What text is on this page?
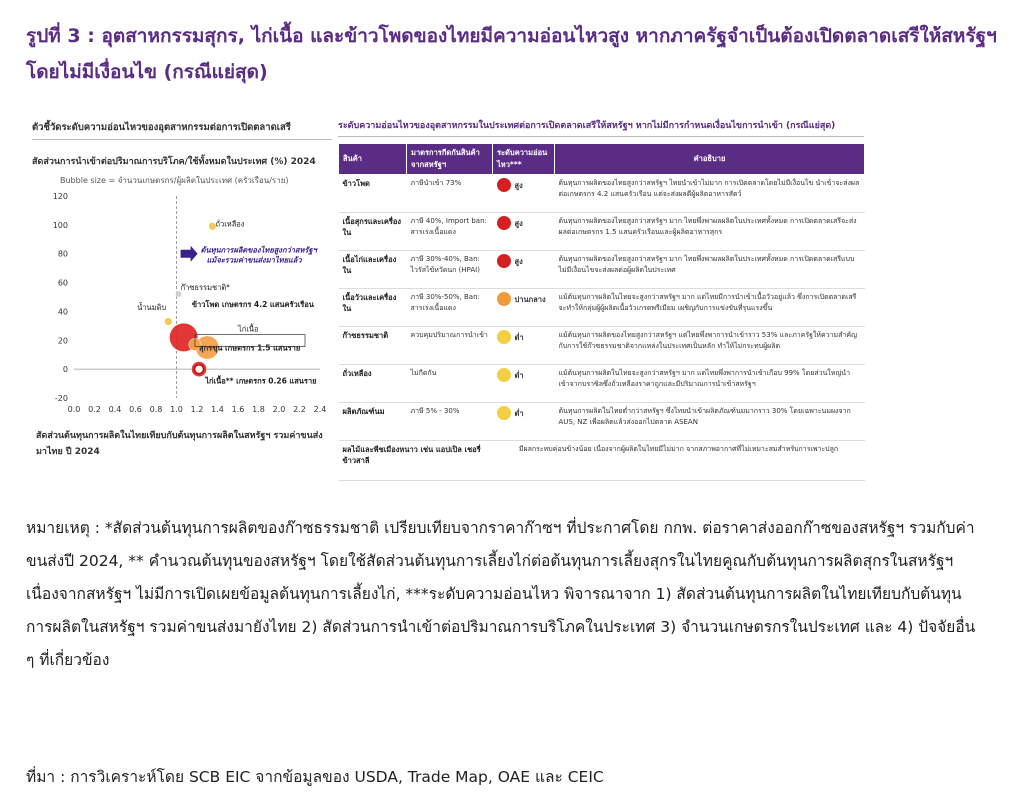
รูปที่ 3 : อุตสาหกรรมสุกร, ไก่เนื้อ และข้าวโพดของไทยมีความอ่อนไหวสูง หากภาครัฐจำเป็นต้องเปิดตลาดเสรีให้สหรัฐฯ โดยไม่มีเงื่อนไข (กรณีแย่สุด)
ตัวชี้วัดระดับความอ่อนไหวของอุตสาหกรรมต่อการเปิดตลาดเสรี
สัดส่วนการนำเข้าต่อปริมาณการบริโภค/ใช้ทั้งหมดในประเทศ (%) 2024
Bubble size = จำนวนเกษตรกร/ผู้ผลิตในประเทศ (ครัวเรือน/ราย)
-20
0
20
40
60
80
100
120
0.0 0.2 0.4 0.6 0.8 1.0 1.2 1.4 1.6 1.8 2.0 2.2 2.4
ต้นทุนการผลิตของไทยสูงกว่าสหรัฐฯ
แม้จะรวมค่าขนส่งมาไทยแล้ว
ถั่วเหลือง
ก๊าซธรรมชาติ*
น้ำนมดิบ	ข้าวโพด เกษตรกร 4.2 แสนครัวเรือน
ไก่เนื้อ
สุกรขุน เกษตรกร 1.5 แสนราย
ไก่เนื้อ** เกษตรกร 0.26 แสนราย
สัดส่วนต้นทุนการผลิตในไทยเทียบกับต้นทุนการผลิตในสหรัฐฯ รวมค่าขนส่งมาไทย ปี 2024
ระดับความอ่อนไหวของอุตสาหกรรมในประเทศต่อการเปิดตลาดเสรีให้สหรัฐฯ หากไม่มีการกำหนดเงื่อนไขการนำเข้า (กรณีแย่สุด)
สินค้า	มาตรการกีดกันสินค้าจากสหรัฐฯ	ระดับความอ่อนไหว***	คำอธิบาย
ข้าวโพด	ภาษีนำเข้า 73%	สูง	ต้นทุนการผลิตของไทยสูงกว่าสหรัฐฯ ไทยนำเข้าไม่มาก การเปิดตลาดโดยไม่มีเงื่อนไข นำเข้าจะส่งผลต่อเกษตรกร 4.2 แสนครัวเรือน แต่จะส่งผลดีผู้ผลิตอาหารสัตว์
เนื้อสุกรและเครื่องใน	ภาษี 40%, Import ban: สารเร่งเนื้อแดง	สูง	ต้นทุนการผลิตของไทยสูงกว่าสหรัฐฯ มาก ไทยพึ่งพาผลผลิตในประเทศทั้งหมด การเปิดตลาดเสรีจะส่งผลต่อเกษตรกร 1.5 แสนครัวเรือนและผู้ผลิตอาหารสุกร
เนื้อไก่และเครื่องใน	ภาษี 30%-40%, Ban: ไวรัสไข้หวัดนก (HPAI)	สูง	ต้นทุนการผลิตของไทยสูงกว่าสหรัฐฯ มาก ไทยพึ่งพาผลผลิตในประเทศทั้งหมด การเปิดตลาดเสรีแบบไม่มีเงื่อนไขจะส่งผลต่อผู้ผลิตในประเทศ
เนื้อวัวและเครื่องใน	ภาษี 30%-50%, Ban: สารเร่งเนื้อแดง	ปานกลาง	แม้ต้นทุนการผลิตในไทยจะสูงกว่าสหรัฐฯ มาก แต่ไทยมีการนำเข้าเนื้อวัวอยู่แล้ว ซึ่งการเปิดตลาดเสรีจะทำให้กลุ่มผู้ผู้ผลิตเนื้อวัวเกรดพรีเมียม เผชิญกับการแข่งขันที่รุนแรงขึ้น
ก๊าซธรรมชาติ	ควบคุมปริมาณการนำเข้า	ต่ำ	แม้ต้นทุนการผลิตของไทยสูงกว่าสหรัฐฯ แต่ไทยพึ่งพาการนำเข้าราว 53% และภาครัฐให้ความสำคัญกับการใช้ก๊าซธรรมชาติจากแหล่งในประเทศเป็นหลัก ทำให้ไม่กระทบผู้ผลิต
ถั่วเหลือง	ไม่กีดกัน	ต่ำ	แม้ต้นทุนการผลิตในไทยจะสูงกว่าสหรัฐฯ มาก แต่ไทยพึ่งพาการนำเข้าเกือบ 99% โดยส่วนใหญ่นำเข้าจากบราซิลซึ่งถั่วเหลืองราคาถูกและมีปริมาณการนำเข้าสหรัฐฯ
ผลิตภัณฑ์นม	ภาษี 5% - 30%	ต่ำ	ต้นทุนการผลิตในไทยต่ำกว่าสหรัฐฯ ซึ่งไทยนำเข้าผลิตภัณฑ์นมมากราว 30% โดยเฉพาะนมผงจาก AUS, NZ เพื่อผลิตแล้วส่งออกไปตลาด ASEAN
ผลไม้และพืชเมืองหนาว เช่น แอปเปิล เชอรี่ ข้าวสาลี		มีผลกระทบค่อนข้างน้อย เนื่องจากผู้ผลิตในไทยมีไม่มาก จากสภาพอากาศที่ไม่เหมาะสมสำหรับการเพาะปลูก	
หมายเหตุ : *สัดส่วนต้นทุนการผลิตของก๊าซธรรมชาติ เปรียบเทียบจากราคาก๊าซฯ ที่ประกาศโดย กกพ. ต่อราคาส่งออกก๊าซของสหรัฐฯ รวมกับค่าขนส่งปี 2024, ** คำนวณต้นทุนของสหรัฐฯ โดยใช้สัดส่วนต้นทุนการเลี้ยงไก่ต่อต้นทุนการเลี้ยงสุกรในไทยคูณกับต้นทุนการผลิตสุกรในสหรัฐฯ เนื่องจากสหรัฐฯ ไม่มีการเปิดเผยข้อมูลต้นทุนการเลี้ยงไก่, ***ระดับความอ่อนไหว พิจารณาจาก 1) สัดส่วนต้นทุนการผลิตในไทยเทียบกับต้นทุนการผลิตในสหรัฐฯ รวมค่าขนส่งมายังไทย 2) สัดส่วนการนำเข้าต่อปริมาณการบริโภคในประเทศ 3) จำนวนเกษตรกรในประเทศ และ 4) ปัจจัยอื่น ๆ ที่เกี่ยวข้อง
ที่มา : การวิเคราะห์โดย SCB EIC จากข้อมูลของ USDA, Trade Map, OAE และ CEIC
